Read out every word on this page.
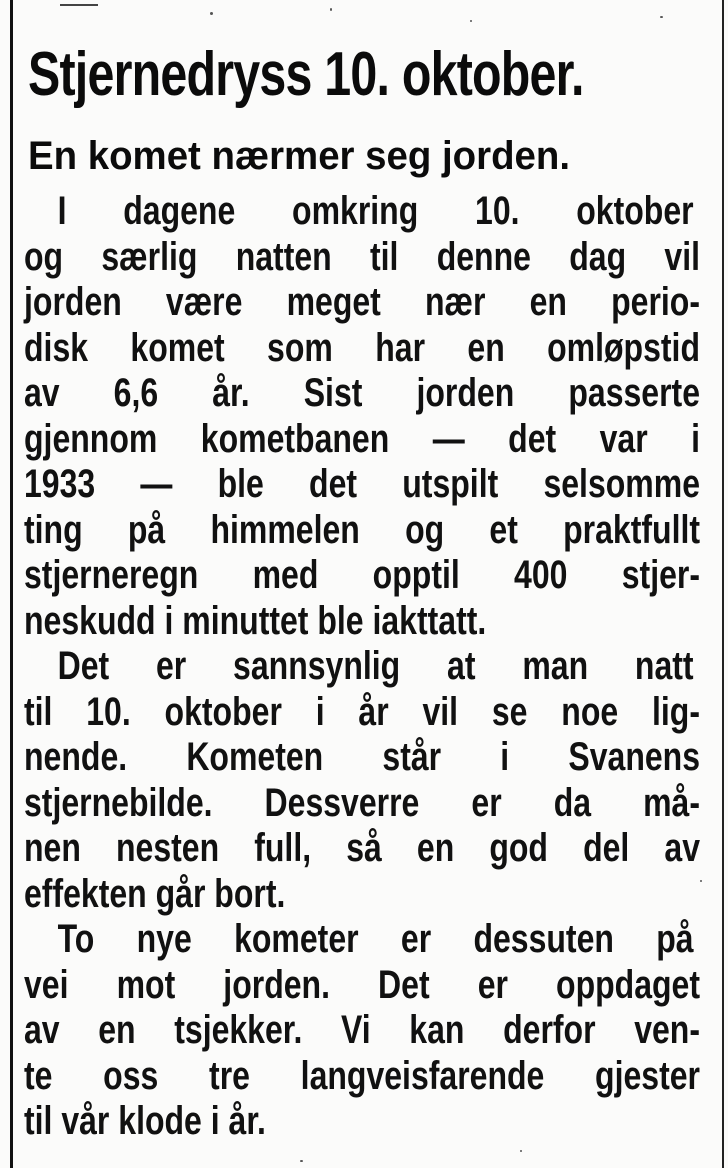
Stjernedryss 10. oktober.
En komet nærmer seg jorden.
I dagene omkring 10. oktober
og særlig natten til denne dag vil
jorden være meget nær en perio-
disk komet som har en omløpstid
av 6,6 år. Sist jorden passerte
gjennom kometbanen — det var i
1933 — ble det utspilt selsomme
ting på himmelen og et praktfullt
stjerneregn med opptil 400 stjer-
neskudd i minuttet ble iakttatt.
Det er sannsynlig at man natt
til 10. oktober i år vil se noe lig-
nende. Kometen står i Svanens
stjernebilde. Dessverre er da må-
nen nesten full, så en god del av
effekten går bort.
To nye kometer er dessuten på
vei mot jorden. Det er oppdaget
av en tsjekker. Vi kan derfor ven-
te oss tre langveisfarende gjester
til vår klode i år.
